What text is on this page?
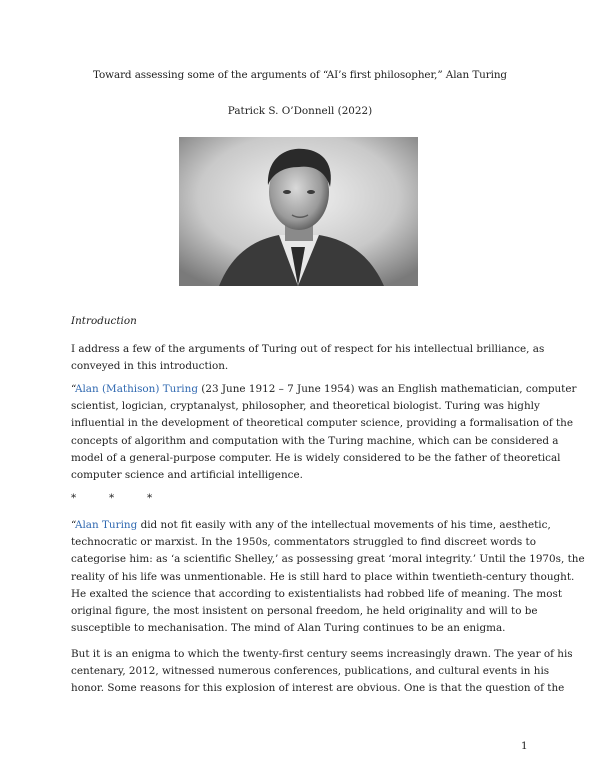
Toward assessing some of the arguments of “AI’s first philosopher,” Alan Turing
Patrick S. O’Donnell (2022)
Introduction
I address a few of the arguments of Turing out of respect for his intellectual brilliance, as
conveyed in this introduction.
“Alan (Mathison) Turing (23 June 1912 – 7 June 1954) was an English mathematician, computer
scientist, logician, cryptanalyst, philosopher, and theoretical biologist. Turing was highly
influential in the development of theoretical computer science, providing a formalisation of the
concepts of algorithm and computation with the Turing machine, which can be considered a
model of a general-purpose computer. He is widely considered to be the father of theoretical
computer science and artificial intelligence.
*	*	*
“Alan Turing did not fit easily with any of the intellectual movements of his time, aesthetic,
technocratic or marxist. In the 1950s, commentators struggled to find discreet words to
categorise him: as ‘a scientific Shelley,’ as possessing great ‘moral integrity.’ Until the 1970s, the
reality of his life was unmentionable. He is still hard to place within twentieth-century thought.
He exalted the science that according to existentialists had robbed life of meaning. The most
original figure, the most insistent on personal freedom, he held originality and will to be
susceptible to mechanisation. The mind of Alan Turing continues to be an enigma.
But it is an enigma to which the twenty-first century seems increasingly drawn. The year of his
centenary, 2012, witnessed numerous conferences, publications, and cultural events in his
honor. Some reasons for this explosion of interest are obvious. One is that the question of the
1
